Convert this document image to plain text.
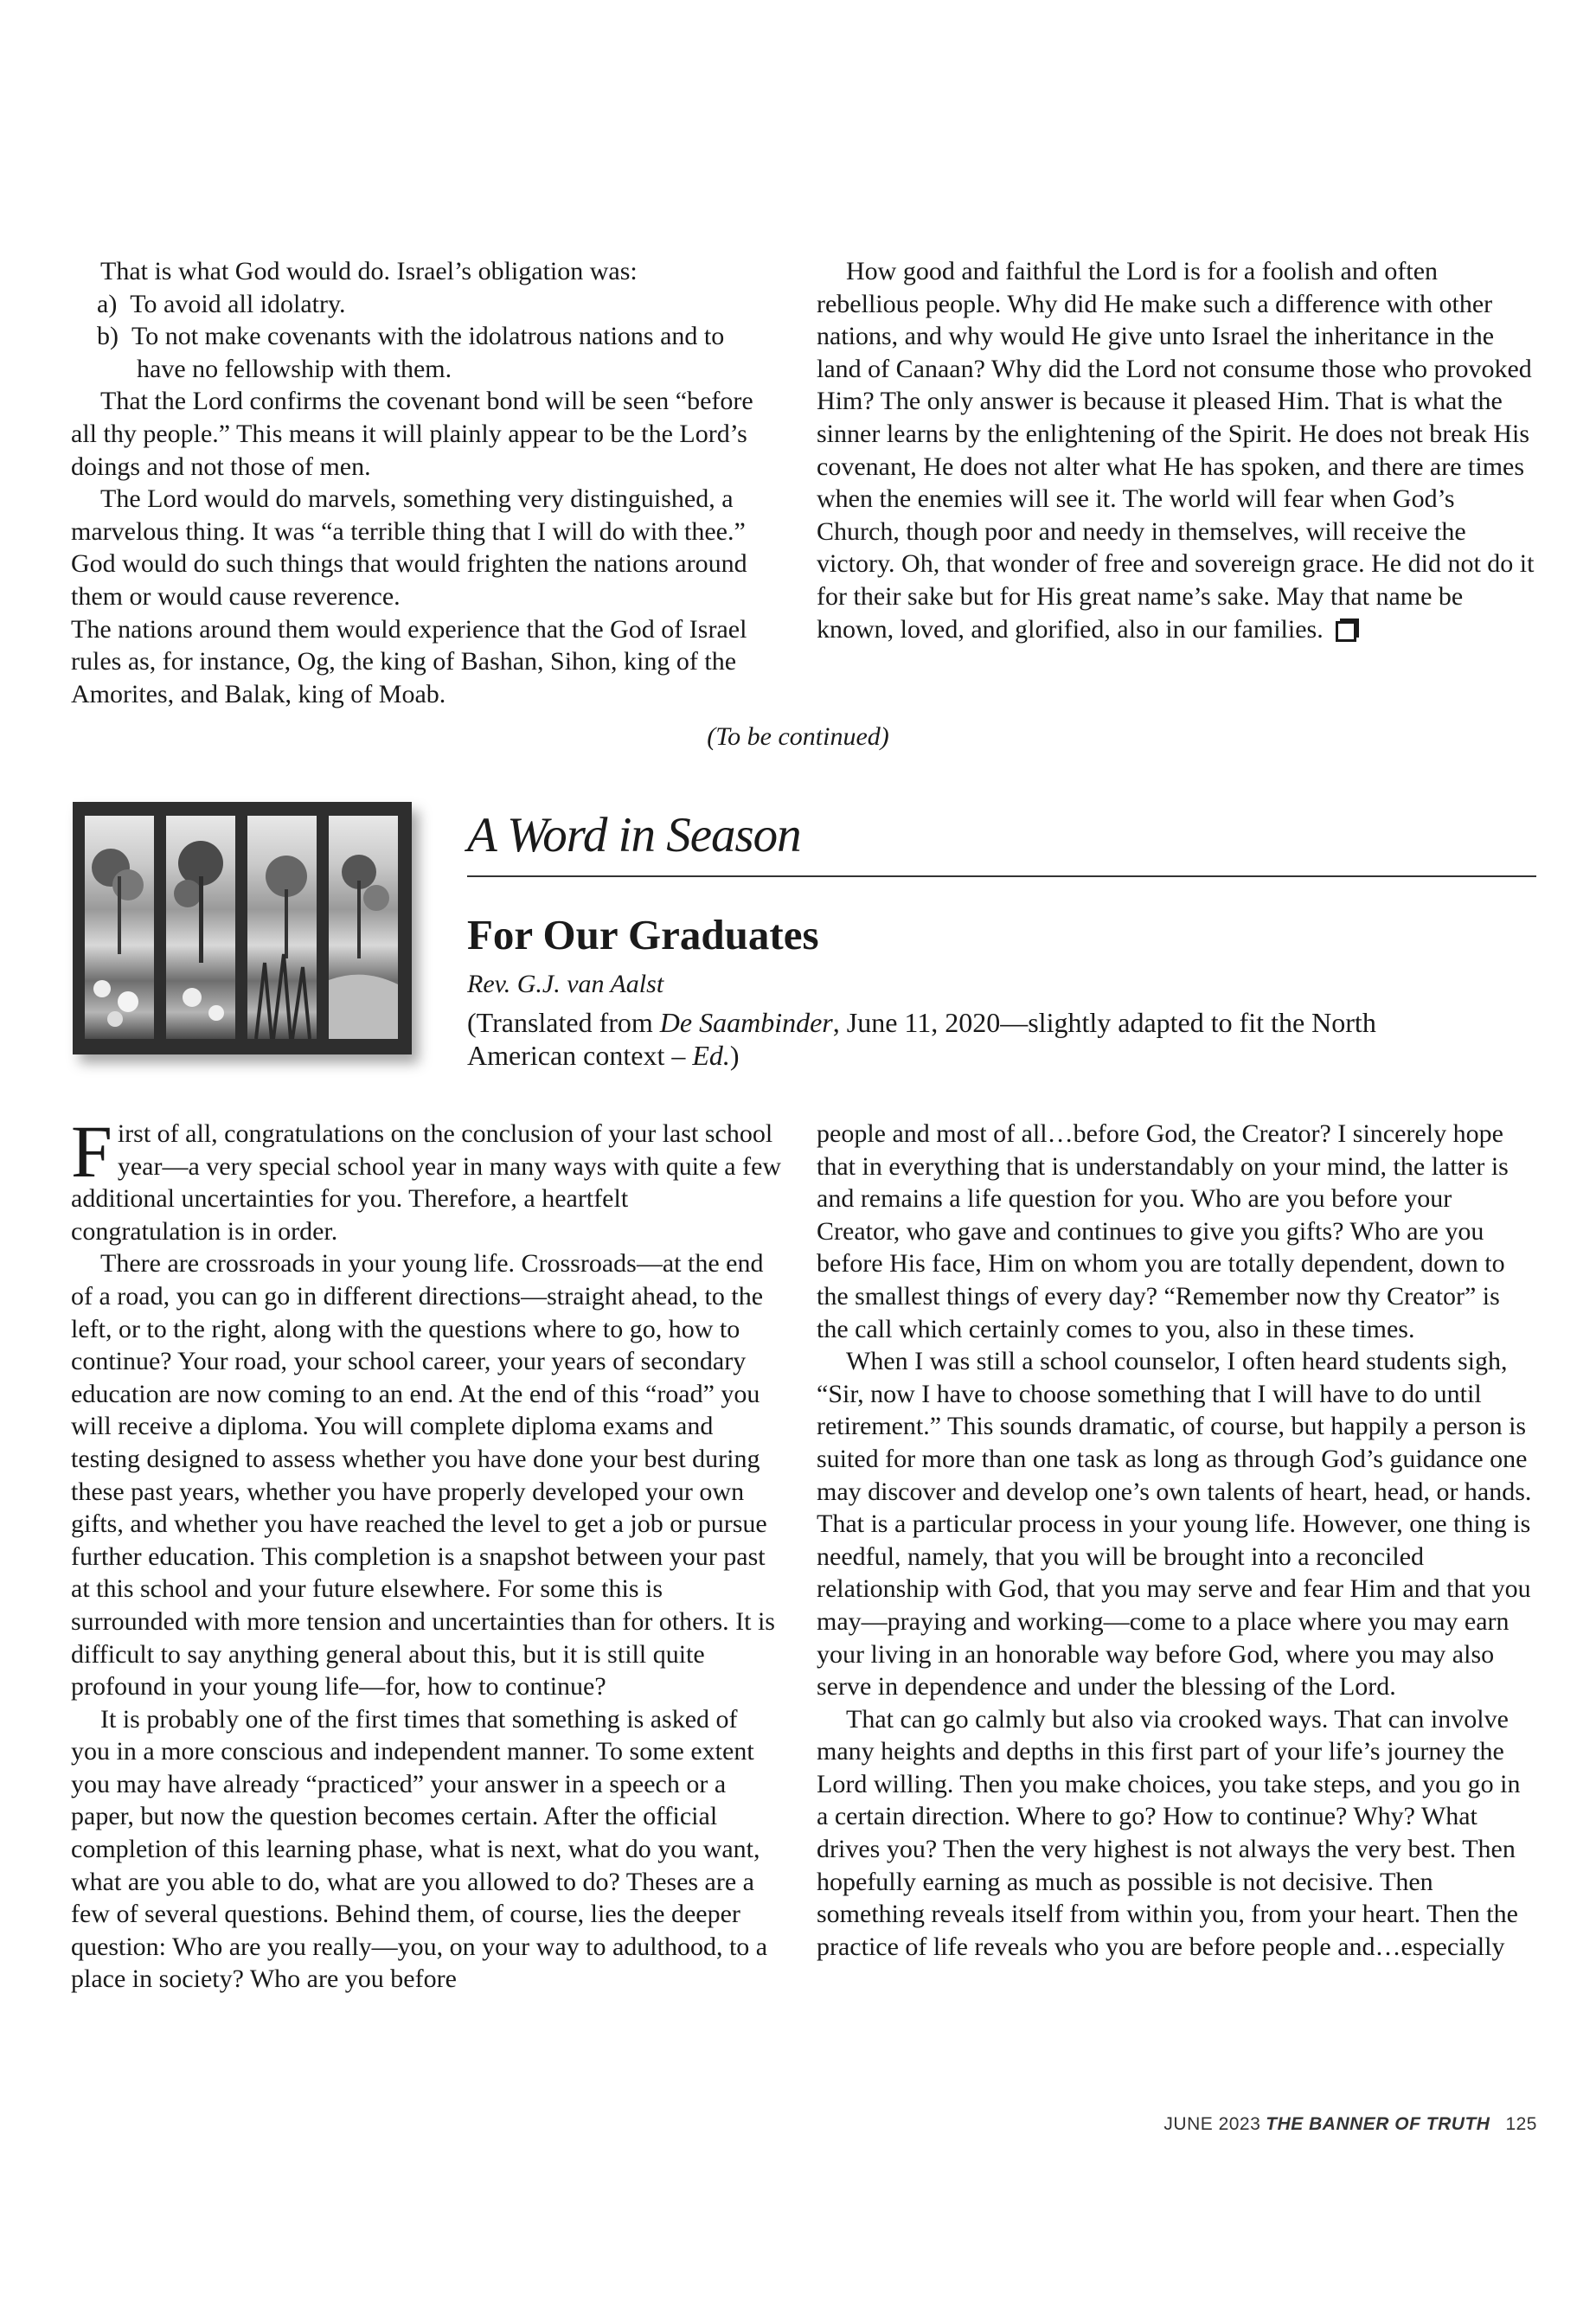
That is what God would do. Israel’s obligation was:

a)  To avoid all idolatry.

b)  To not make covenants with the idolatrous nations and to have no fellowship with them.

That the Lord confirms the covenant bond will be seen “before all thy people.” This means it will plainly appear to be the Lord’s doings and not those of men.

The Lord would do marvels, something very distinguished, a marvelous thing. It was “a terrible thing that I will do with thee.” God would do such things that would frighten the nations around them or would cause reverence.

The nations around them would experience that the God of Israel rules as, for instance, Og, the king of Bashan, Sihon, king of the Amorites, and Balak, king of Moab.

How good and faithful the Lord is for a foolish and often rebellious people. Why did He make such a difference with other nations, and why would He give unto Israel the inheritance in the land of Canaan? Why did the Lord not consume those who provoked Him? The only answer is because it pleased Him. That is what the sinner learns by the enlightening of the Spirit. He does not break His covenant, He does not alter what He has spoken, and there are times when the enemies will see it. The world will fear when God’s Church, though poor and needy in themselves, will receive the victory. Oh, that wonder of free and sovereign grace. He did not do it for their sake but for His great name’s sake. May that name be known, loved, and glorified, also in our families.

(To be continued)
A Word in Season
For Our Graduates
Rev. G.J. van Aalst
(Translated from De Saambinder, June 11, 2020—slightly adapted to fit the North American context – Ed.)

First of all, congratulations on the conclusion of your last school year—a very special school year in many ways with quite a few additional uncertainties for you. Therefore, a heartfelt congratulation is in order.

There are crossroads in your young life. Crossroads—at the end of a road, you can go in different directions—straight ahead, to the left, or to the right, along with the questions where to go, how to continue? Your road, your school career, your years of secondary education are now coming to an end. At the end of this “road” you will receive a diploma. You will complete diploma exams and testing designed to assess whether you have done your best during these past years, whether you have properly developed your own gifts, and whether you have reached the level to get a job or pursue further education. This completion is a snapshot between your past at this school and your future elsewhere. For some this is surrounded with more tension and uncertainties than for others. It is difficult to say anything general about this, but it is still quite profound in your young life—for, how to continue?

It is probably one of the first times that something is asked of you in a more conscious and independent manner. To some extent you may have already “practiced” your answer in a speech or a paper, but now the question becomes certain. After the official completion of this learning phase, what is next, what do you want, what are you able to do, what are you allowed to do? Theses are a few of several questions. Behind them, of course, lies the deeper question: Who are you really—you, on your way to adulthood, to a place in society? Who are you before

people and most of all…before God, the Creator? I sincerely hope that in everything that is understandably on your mind, the latter is and remains a life question for you. Who are you before your Creator, who gave and continues to give you gifts? Who are you before His face, Him on whom you are totally dependent, down to the smallest things of every day? “Remember now thy Creator” is the call which certainly comes to you, also in these times.

When I was still a school counselor, I often heard students sigh, “Sir, now I have to choose something that I will have to do until retirement.” This sounds dramatic, of course, but happily a person is suited for more than one task as long as through God’s guidance one may discover and develop one’s own talents of heart, head, or hands. That is a particular process in your young life. However, one thing is needful, namely, that you will be brought into a reconciled relationship with God, that you may serve and fear Him and that you may—praying and working—come to a place where you may earn your living in an honorable way before God, where you may also serve in dependence and under the blessing of the Lord.

That can go calmly but also via crooked ways. That can involve many heights and depths in this first part of your life’s journey the Lord willing. Then you make choices, you take steps, and you go in a certain direction. Where to go? How to continue? Why? What drives you? Then the very highest is not always the very best. Then hopefully earning as much as possible is not decisive. Then something reveals itself from within you, from your heart. Then the practice of life reveals who you are before people and…especially

JUNE 2023 THE BANNER OF TRUTH 125
